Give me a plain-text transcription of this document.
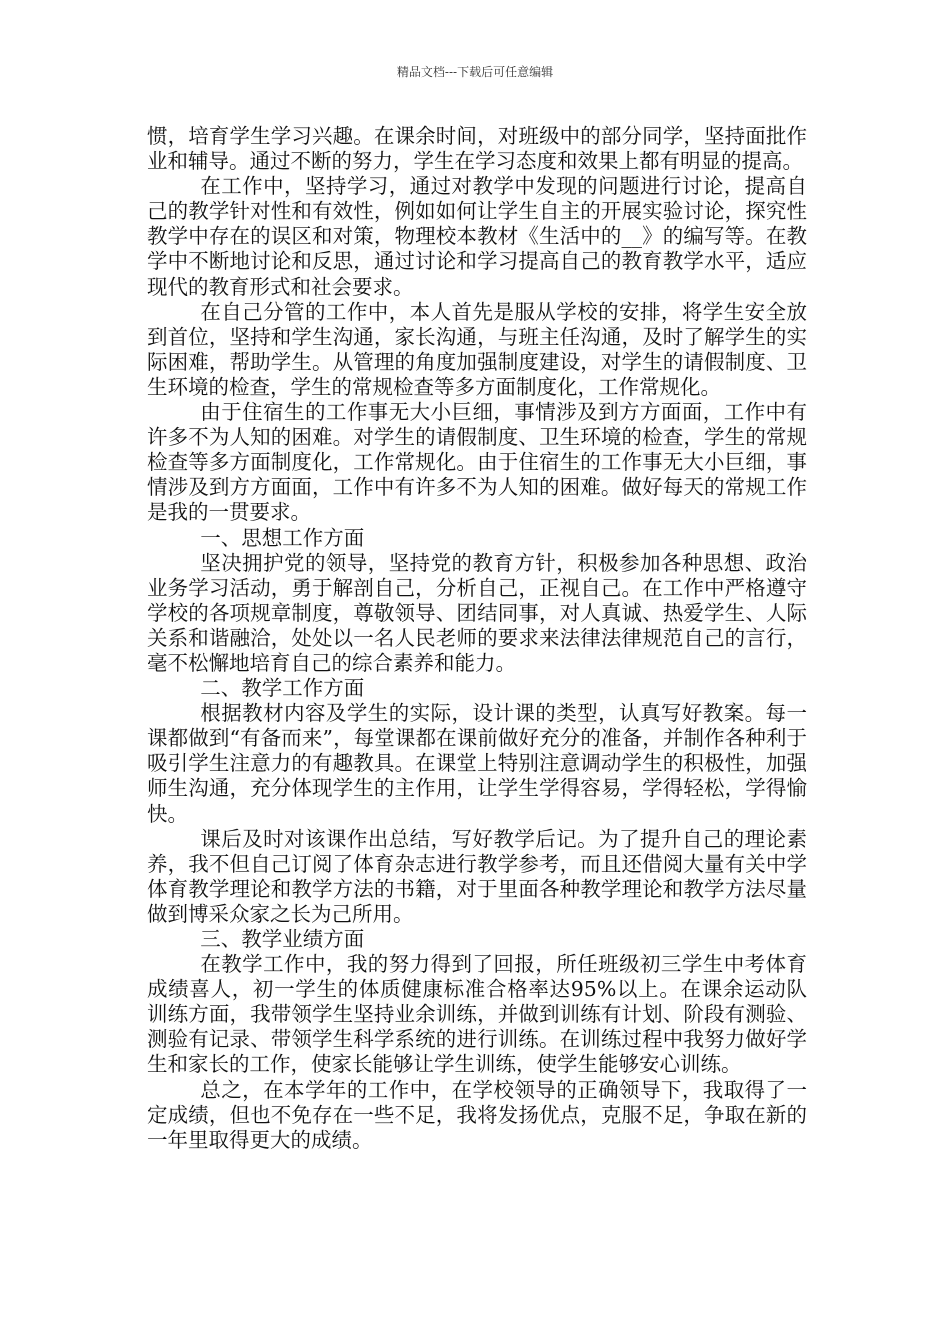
精品文档---下载后可任意编辑

惯，培育学生学习兴趣。在课余时间，对班级中的部分同学，坚持面批作业和辅导。通过不断的努力，学生在学习态度和效果上都有明显的提高。

在工作中，坚持学习，通过对教学中发现的问题进行讨论，提高自己的教学针对性和有效性，例如如何让学生自主的开展实验讨论，探究性教学中存在的误区和对策，物理校本教材《生活中的__》的编写等。在教学中不断地讨论和反思，通过讨论和学习提高自己的教育教学水平，适应现代的教育形式和社会要求。

在自己分管的工作中，本人首先是服从学校的安排，将学生安全放到首位，坚持和学生沟通，家长沟通，与班主任沟通，及时了解学生的实际困难，帮助学生。从管理的角度加强制度建设，对学生的请假制度、卫生环境的检查，学生的常规检查等多方面制度化，工作常规化。

由于住宿生的工作事无大小巨细，事情涉及到方方面面，工作中有许多不为人知的困难。对学生的请假制度、卫生环境的检查，学生的常规检查等多方面制度化，工作常规化。由于住宿生的工作事无大小巨细，事情涉及到方方面面，工作中有许多不为人知的困难。做好每天的常规工作是我的一贯要求。

一、思想工作方面

坚决拥护党的领导，坚持党的教育方针，积极参加各种思想、政治业务学习活动，勇于解剖自己，分析自己，正视自己。在工作中严格遵守学校的各项规章制度，尊敬领导、团结同事，对人真诚、热爱学生、人际关系和谐融洽，处处以一名人民老师的要求来法律法律规范自己的言行，毫不松懈地培育自己的综合素养和能力。

二、教学工作方面

根据教材内容及学生的实际，设计课的类型，认真写好教案。每一课都做到“有备而来”，每堂课都在课前做好充分的准备，并制作各种利于吸引学生注意力的有趣教具。在课堂上特别注意调动学生的积极性，加强师生沟通，充分体现学生的主作用，让学生学得容易，学得轻松，学得愉快。

课后及时对该课作出总结，写好教学后记。为了提升自己的理论素养，我不但自己订阅了体育杂志进行教学参考，而且还借阅大量有关中学体育教学理论和教学方法的书籍，对于里面各种教学理论和教学方法尽量做到博采众家之长为己所用。

三、教学业绩方面

在教学工作中，我的努力得到了回报，所任班级初三学生中考体育成绩喜人，初一学生的体质健康标准合格率达95%以上。在课余运动队训练方面，我带领学生坚持业余训练，并做到训练有计划、阶段有测验、测验有记录、带领学生科学系统的进行训练。在训练过程中我努力做好学生和家长的工作，使家长能够让学生训练，使学生能够安心训练。

总之，在本学年的工作中，在学校领导的正确领导下，我取得了一定成绩，但也不免存在一些不足，我将发扬优点，克服不足，争取在新的一年里取得更大的成绩。
